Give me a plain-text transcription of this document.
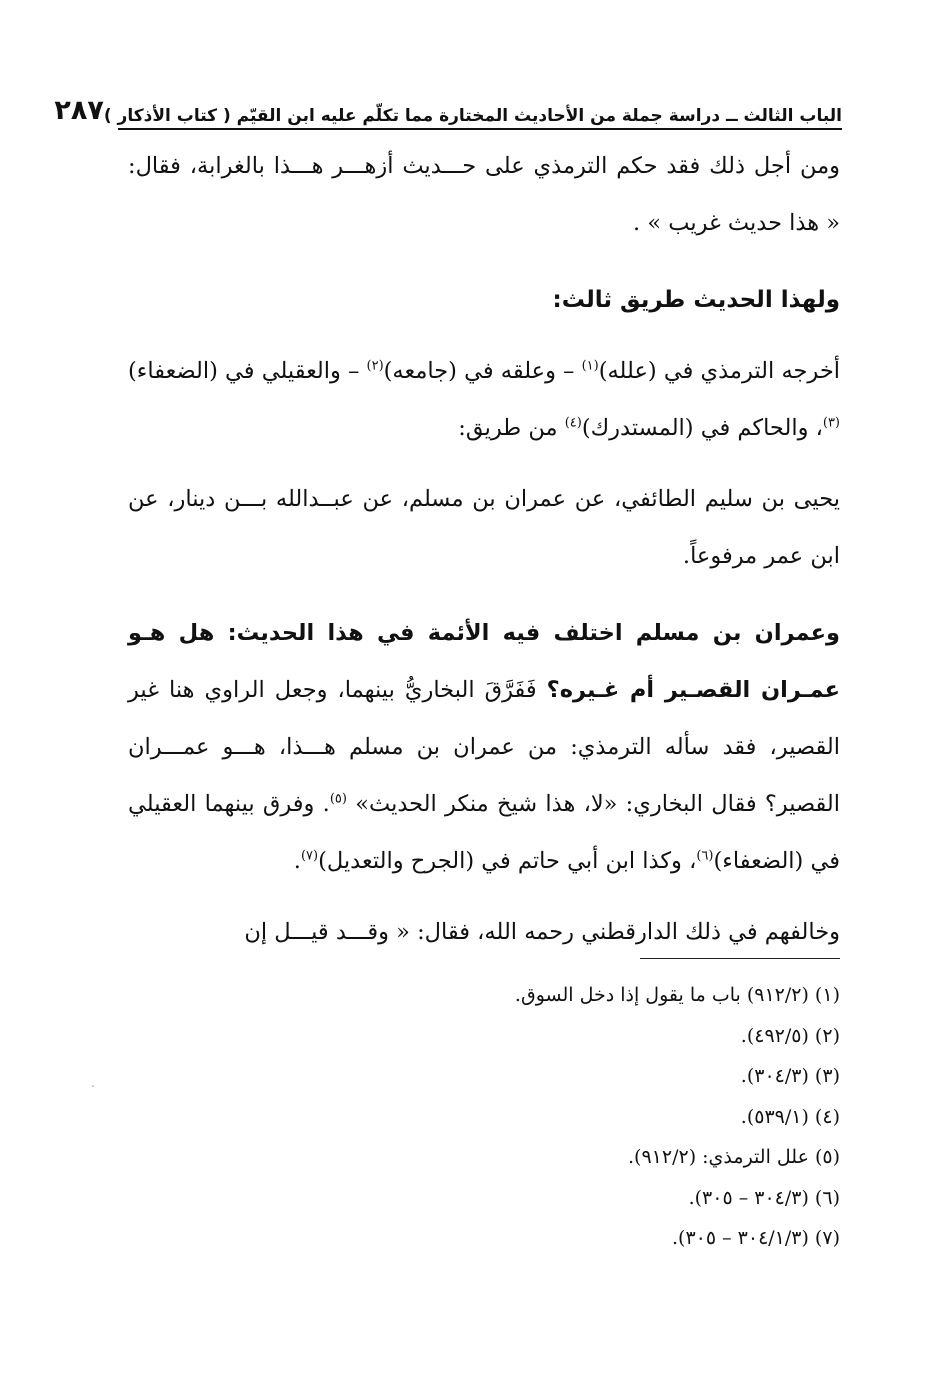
الباب الثالث ــ دراسة جملة من الأحاديث المختارة مما تكلّم عليه ابن القيّم ( كتاب الأذكار )
٢٨٧

ومن أجل ذلك فقد حكم الترمذي على حـــديث أزهـــر هـــذا بالغرابة، فقال: « هذا حديث غريب » .

ولهذا الحديث طريق ثالث:

أخرجه الترمذي في (علله)$^{(١)}$ – وعلقه في (جامعه)$^{(٢)}$ – والعقيلي في (الضعفاء)$^{(٣)}$، والحاكم في (المستدرك)$^{(٤)}$ من طريق:

يحيى بن سليم الطائفي، عن عمران بن مسلم، عن عبــدالله بـــن دينار، عن ابن عمر مرفوعاً.

وعمران بن مسلم اختلف فيه الأئمة في هذا الحديث: هل هـو عمـران القصـير أم غـيره؟ فَفَرَّقَ البخاريُّ بينهما، وجعل الراوي هنا غير القصير، فقد سأله الترمذي: من عمران بن مسلم هـــذا، هـــو عمـــران القصير؟ فقال البخاري: «لا، هذا شيخ منكر الحديث» $^{(٥)}$. وفرق بينهما العقيلي في (الضعفاء)$^{(٦)}$، وكذا ابن أبي حاتم في (الجرح والتعديل)$^{(٧)}$.

وخالفهم في ذلك الدارقطني رحمه الله، فقال: « وقـــد قيـــل إن

(١) (٩١٢/٢) باب ما يقول إذا دخل السوق.
(٢) (٤٩٢/٥).
(٣) (٣٠٤/٣).
(٤) (٥٣٩/١).
(٥) علل الترمذي: (٩١٢/٢).
(٦) (٣٠٤/٣ – ٣٠٥).
(٧) (٣٠٤/١/٣ – ٣٠٥).
